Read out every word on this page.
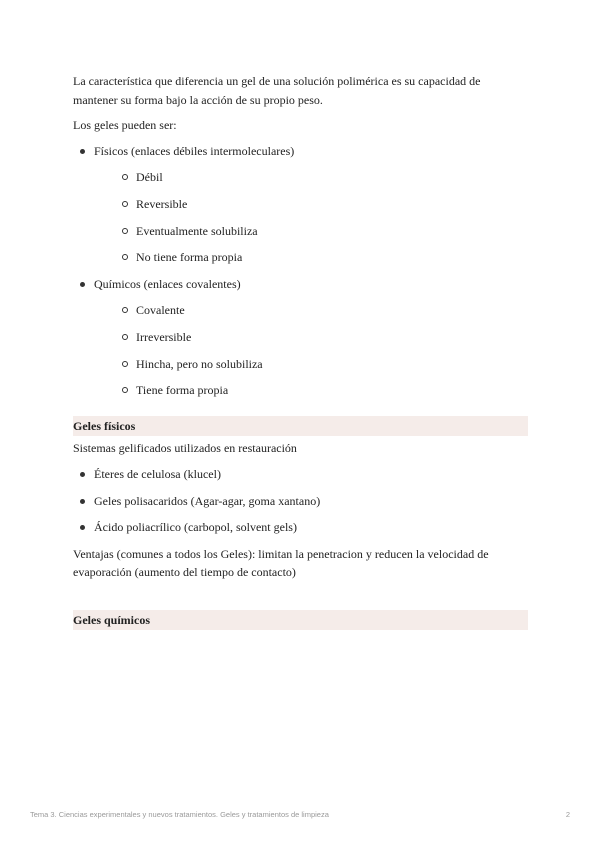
La característica que diferencia un gel de una solución polimérica es su capacidad de mantener su forma bajo la acción de su propio peso.

Los geles pueden ser:

Físicos (enlaces débiles intermoleculares)
Débil
Reversible
Eventualmente solubiliza
No tiene forma propia
Químicos (enlaces covalentes)
Covalente
Irreversible
Hincha, pero no solubiliza
Tiene forma propia
Geles físicos

Sistemas gelificados utilizados en restauración

Éteres de celulosa (klucel)
Geles polisacaridos (Agar-agar, goma xantano)
Ácido poliacrílico (carbopol, solvent gels)

Ventajas (comunes a todos los Geles): limitan la penetracion y reducen la velocidad de evaporación (aumento del tiempo de contacto)

Geles químicos
Tema 3. Ciencias experimentales y nuevos tratamientos. Geles y tratamientos de limpieza	2
